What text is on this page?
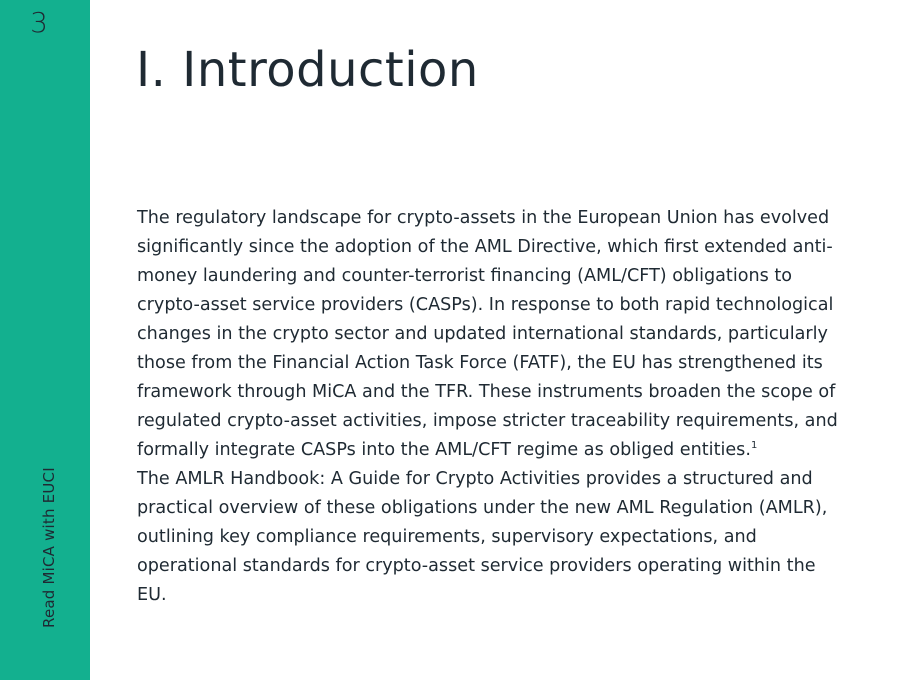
3
Read MiCA with EUCI
I. Introduction

The regulatory landscape for crypto-assets in the European Union has evolved significantly since the adoption of the AML Directive, which first extended anti-money laundering and counter-terrorist financing (AML/CFT) obligations to crypto-asset service providers (CASPs). In response to both rapid technological changes in the crypto sector and updated international standards, particularly those from the Financial Action Task Force (FATF), the EU has strengthened its framework through MiCA and the TFR. These instruments broaden the scope of regulated crypto-asset activities, impose stricter traceability requirements, and formally integrate CASPs into the AML/CFT regime as obliged entities.$^1$

The AMLR Handbook: A Guide for Crypto Activities provides a structured and practical overview of these obligations under the new AML Regulation (AMLR), outlining key compliance requirements, supervisory expectations, and operational standards for crypto-asset service providers operating within the EU.
